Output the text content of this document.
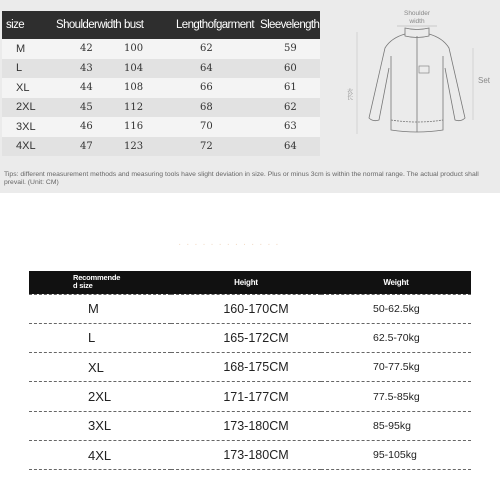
size	Shoulderwidth	bust	Lengthofgarment	Sleevelength
M	42	100	62	59
L	43	104	64	60
XL	44	108	66	61
2XL	45	112	68	62
3XL	46	116	70	63
4XL	47	123	72	64
Shoulder
width
衣长
Set
Tips: different measurement methods and measuring tools have slight deviation in size. Plus or minus 3cm is within the normal range. The actual product shall prevail. (Unit: CM)
· · · · · · · · · · · · ·
Recommende
d size	Height	Weight
M	160-170CM	50-62.5kg
L	165-172CM	62.5-70kg
XL	168-175CM	70-77.5kg
2XL	171-177CM	77.5-85kg
3XL	173-180CM	85-95kg
4XL	173-180CM	95-105kg
